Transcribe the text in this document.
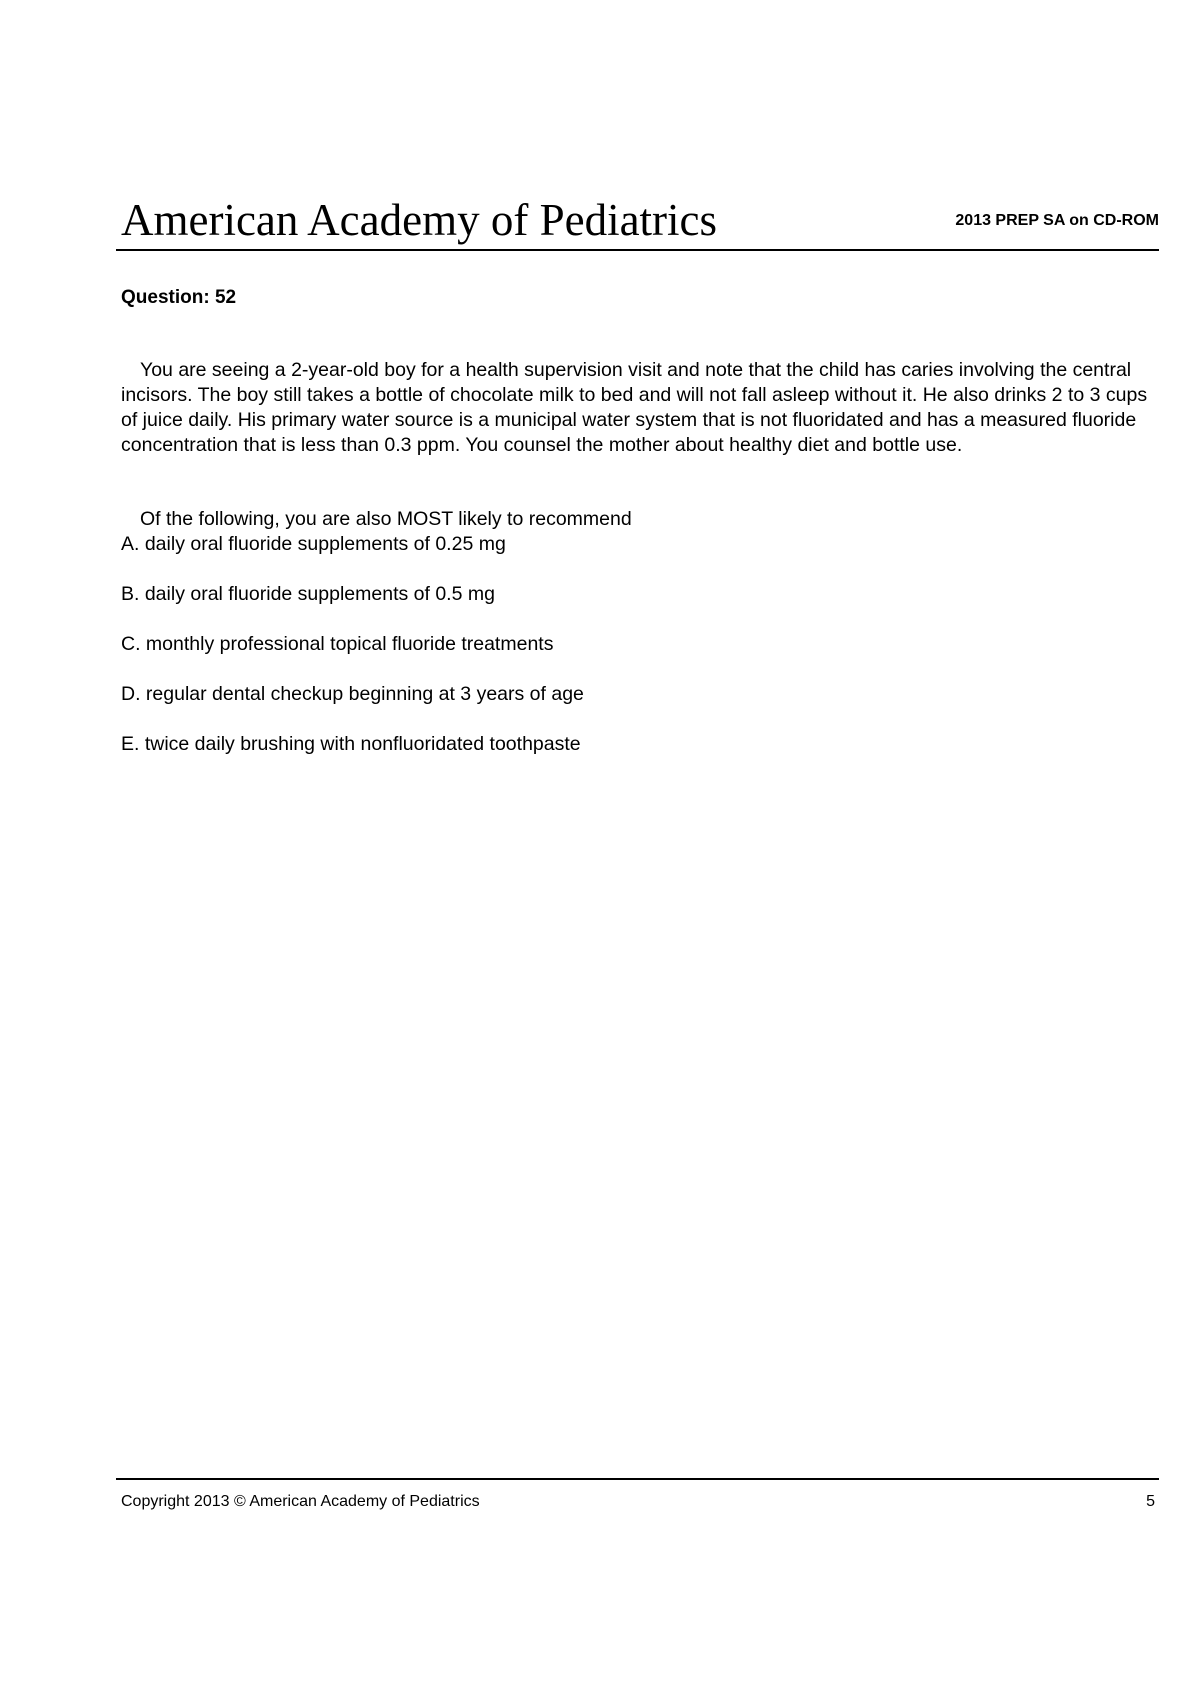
American Academy of Pediatrics	2013 PREP SA on CD-ROM
Question: 52

You are seeing a 2-year-old boy for a health supervision visit and note that the child has caries involving the central incisors. The boy still takes a bottle of chocolate milk to bed and will not fall asleep without it. He also drinks 2 to 3 cups of juice daily. His primary water source is a municipal water system that is not fluoridated and has a measured fluoride concentration that is less than 0.3 ppm. You counsel the mother about healthy diet and bottle use.

Of the following, you are also MOST likely to recommend

A. daily oral fluoride supplements of 0.25 mg
B. daily oral fluoride supplements of 0.5 mg
C. monthly professional topical fluoride treatments
D. regular dental checkup beginning at 3 years of age
E. twice daily brushing with nonfluoridated toothpaste
Copyright 2013 © American Academy of Pediatrics	5
